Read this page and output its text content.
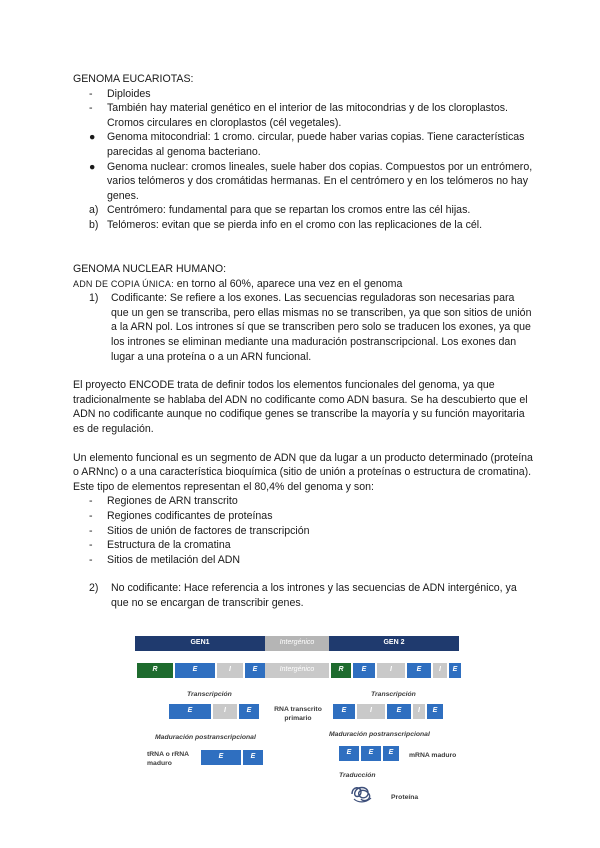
GENOMA EUCARIOTAS:

- Diploides
- También hay material genético en el interior de las mitocondrias y de los cloroplastos. Cromos circulares en cloroplastos (cél vegetales).
● Genoma mitocondrial: 1 cromo. circular, puede haber varias copias. Tiene características parecidas al genoma bacteriano.
● Genoma nuclear: cromos lineales, suele haber dos copias. Compuestos por un entrómero, varios telómeros y dos cromátidas hermanas. En el centrómero y en los telómeros no hay genes.
a) Centrómero: fundamental para que se repartan los cromos entre las cél hijas.
b) Telómeros: evitan que se pierda info en el cromo con las replicaciones de la cél.

GENOMA NUCLEAR HUMANO:

ADN DE COPIA ÚNICA: en torno al 60%, aparece una vez en el genoma

1) Codificante: Se refiere a los exones. Las secuencias reguladoras son necesarias para que un gen se transcriba, pero ellas mismas no se transcriben, ya que son sitios de unión a la ARN pol. Los intrones sí que se transcriben pero solo se traducen los exones, ya que los intrones se eliminan mediante una maduración postranscripcional. Los exones dan lugar a una proteína o a un ARN funcional.

El proyecto ENCODE trata de definir todos los elementos funcionales del genoma, ya que tradicionalmente se hablaba del ADN no codificante como ADN basura. Se ha descubierto que el ADN no codificante aunque no codifique genes se transcribe la mayoría y su función mayoritaria es de regulación.

Un elemento funcional es un segmento de ADN que da lugar a un producto determinado (proteína o ARNnc) o a una característica bioquímica (sitio de unión a proteínas o estructura de cromatina). Este tipo de elementos representan el 80,4% del genoma y son:

- Regiones de ARN transcrito
- Regiones codificantes de proteínas
- Sitios de unión de factores de transcripción
- Estructura de la cromatina
- Sitios de metilación del ADN
2) No codificante: Hace referencia a los intrones y las secuencias de ADN intergénico, ya que no se encargan de transcribir genes.
GEN1	Intergénico	GEN 2
R	E	I	E	Intergénico	R	E	I	E	I	E
Transcripción	Transcripción
E	I	E	RNA transcrito primario
E	I	E	I	E
Maduración postranscripcional	Maduración postranscripcional
tRNA o rRNA maduro
E	E
E	E	E	mRNA maduro
Traducción
Proteína
